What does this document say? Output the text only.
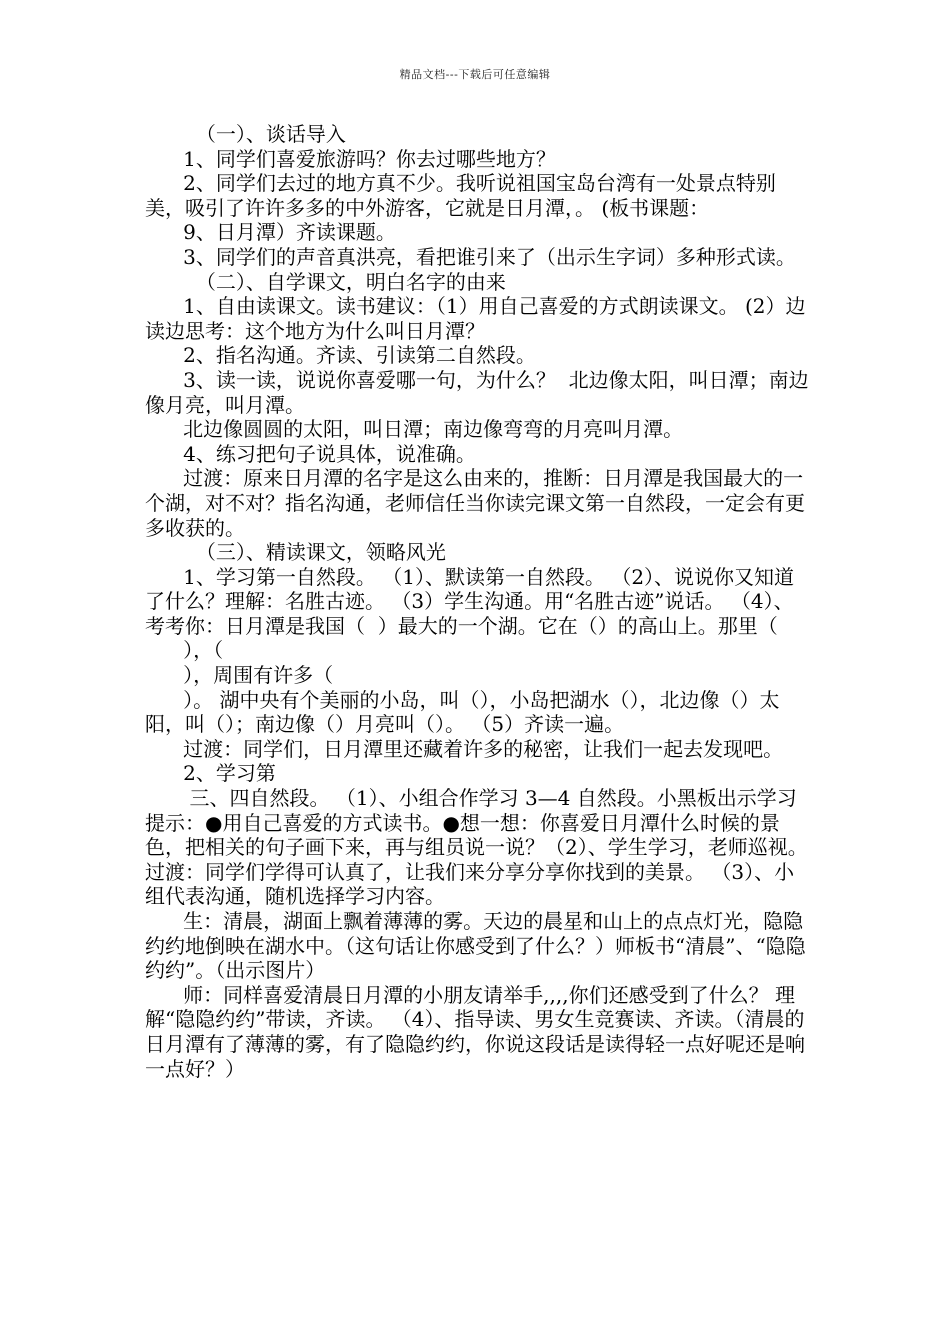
精品文档---下载后可任意编辑

（一）、谈话导入

1、同学们喜爱旅游吗？你去过哪些地方？

2、同学们去过的地方真不少。我听说祖国宝岛台湾有一处景点特别美，吸引了许许多多的中外游客，它就是日月潭，。 (板书课题：

9、日月潭）齐读课题。

3、同学们的声音真洪亮，看把谁引来了（出示生字词）多种形式读。

（二）、自学课文，明白名字的由来

1、自由读课文。读书建议：（1）用自己喜爱的方式朗读课文。 (2）边读边思考：这个地方为什么叫日月潭？

2、指名沟通。齐读、引读第二自然段。

3、读一读，说说你喜爱哪一句，为什么？  北边像太阳，叫日潭；南边像月亮，叫月潭。

北边像圆圆的太阳，叫日潭；南边像弯弯的月亮叫月潭。

4、练习把句子说具体，说准确。

过渡：原来日月潭的名字是这么由来的，推断：日月潭是我国最大的一个湖，对不对？指名沟通，老师信任当你读完课文第一自然段，一定会有更多收获的。

（三）、精读课文，领略风光

1、学习第一自然段。 （1）、默读第一自然段。 （2）、说说你又知道了什么？理解：名胜古迹。 （3）学生沟通。用“名胜古迹”说话。 （4）、考考你：日月潭是我国（  ）最大的一个湖。它在（）的高山上。那里（

），（

），周围有许多（

）。 湖中央有个美丽的小岛，叫（），小岛把湖水（），北边像（）太阳，叫（）；南边像（）月亮叫（）。 （5）齐读一遍。

过渡：同学们，日月潭里还藏着许多的秘密，让我们一起去发现吧。

2、学习第

三、四自然段。 （1）、小组合作学习 3—4 自然段。小黑板出示学习提示：●用自己喜爱的方式读书。●想一想：你喜爱日月潭什么时候的景色，把相关的句子画下来，再与组员说一说？（2）、学生学习，老师巡视。 过渡：同学们学得可认真了，让我们来分享分享你找到的美景。 （3）、小组代表沟通，随机选择学习内容。

生：清晨，湖面上飘着薄薄的雾。天边的晨星和山上的点点灯光，隐隐约约地倒映在湖水中。（这句话让你感受到了什么？）师板书“清晨”、“隐隐约约”。（出示图片）

师：同样喜爱清晨日月潭的小朋友请举手,,,,你们还感受到了什么？ 理解“隐隐约约”带读，齐读。 （4）、指导读、男女生竞赛读、齐读。（清晨的日月潭有了薄薄的雾，有了隐隐约约，你说这段话是读得轻一点好呢还是响一点好？）
